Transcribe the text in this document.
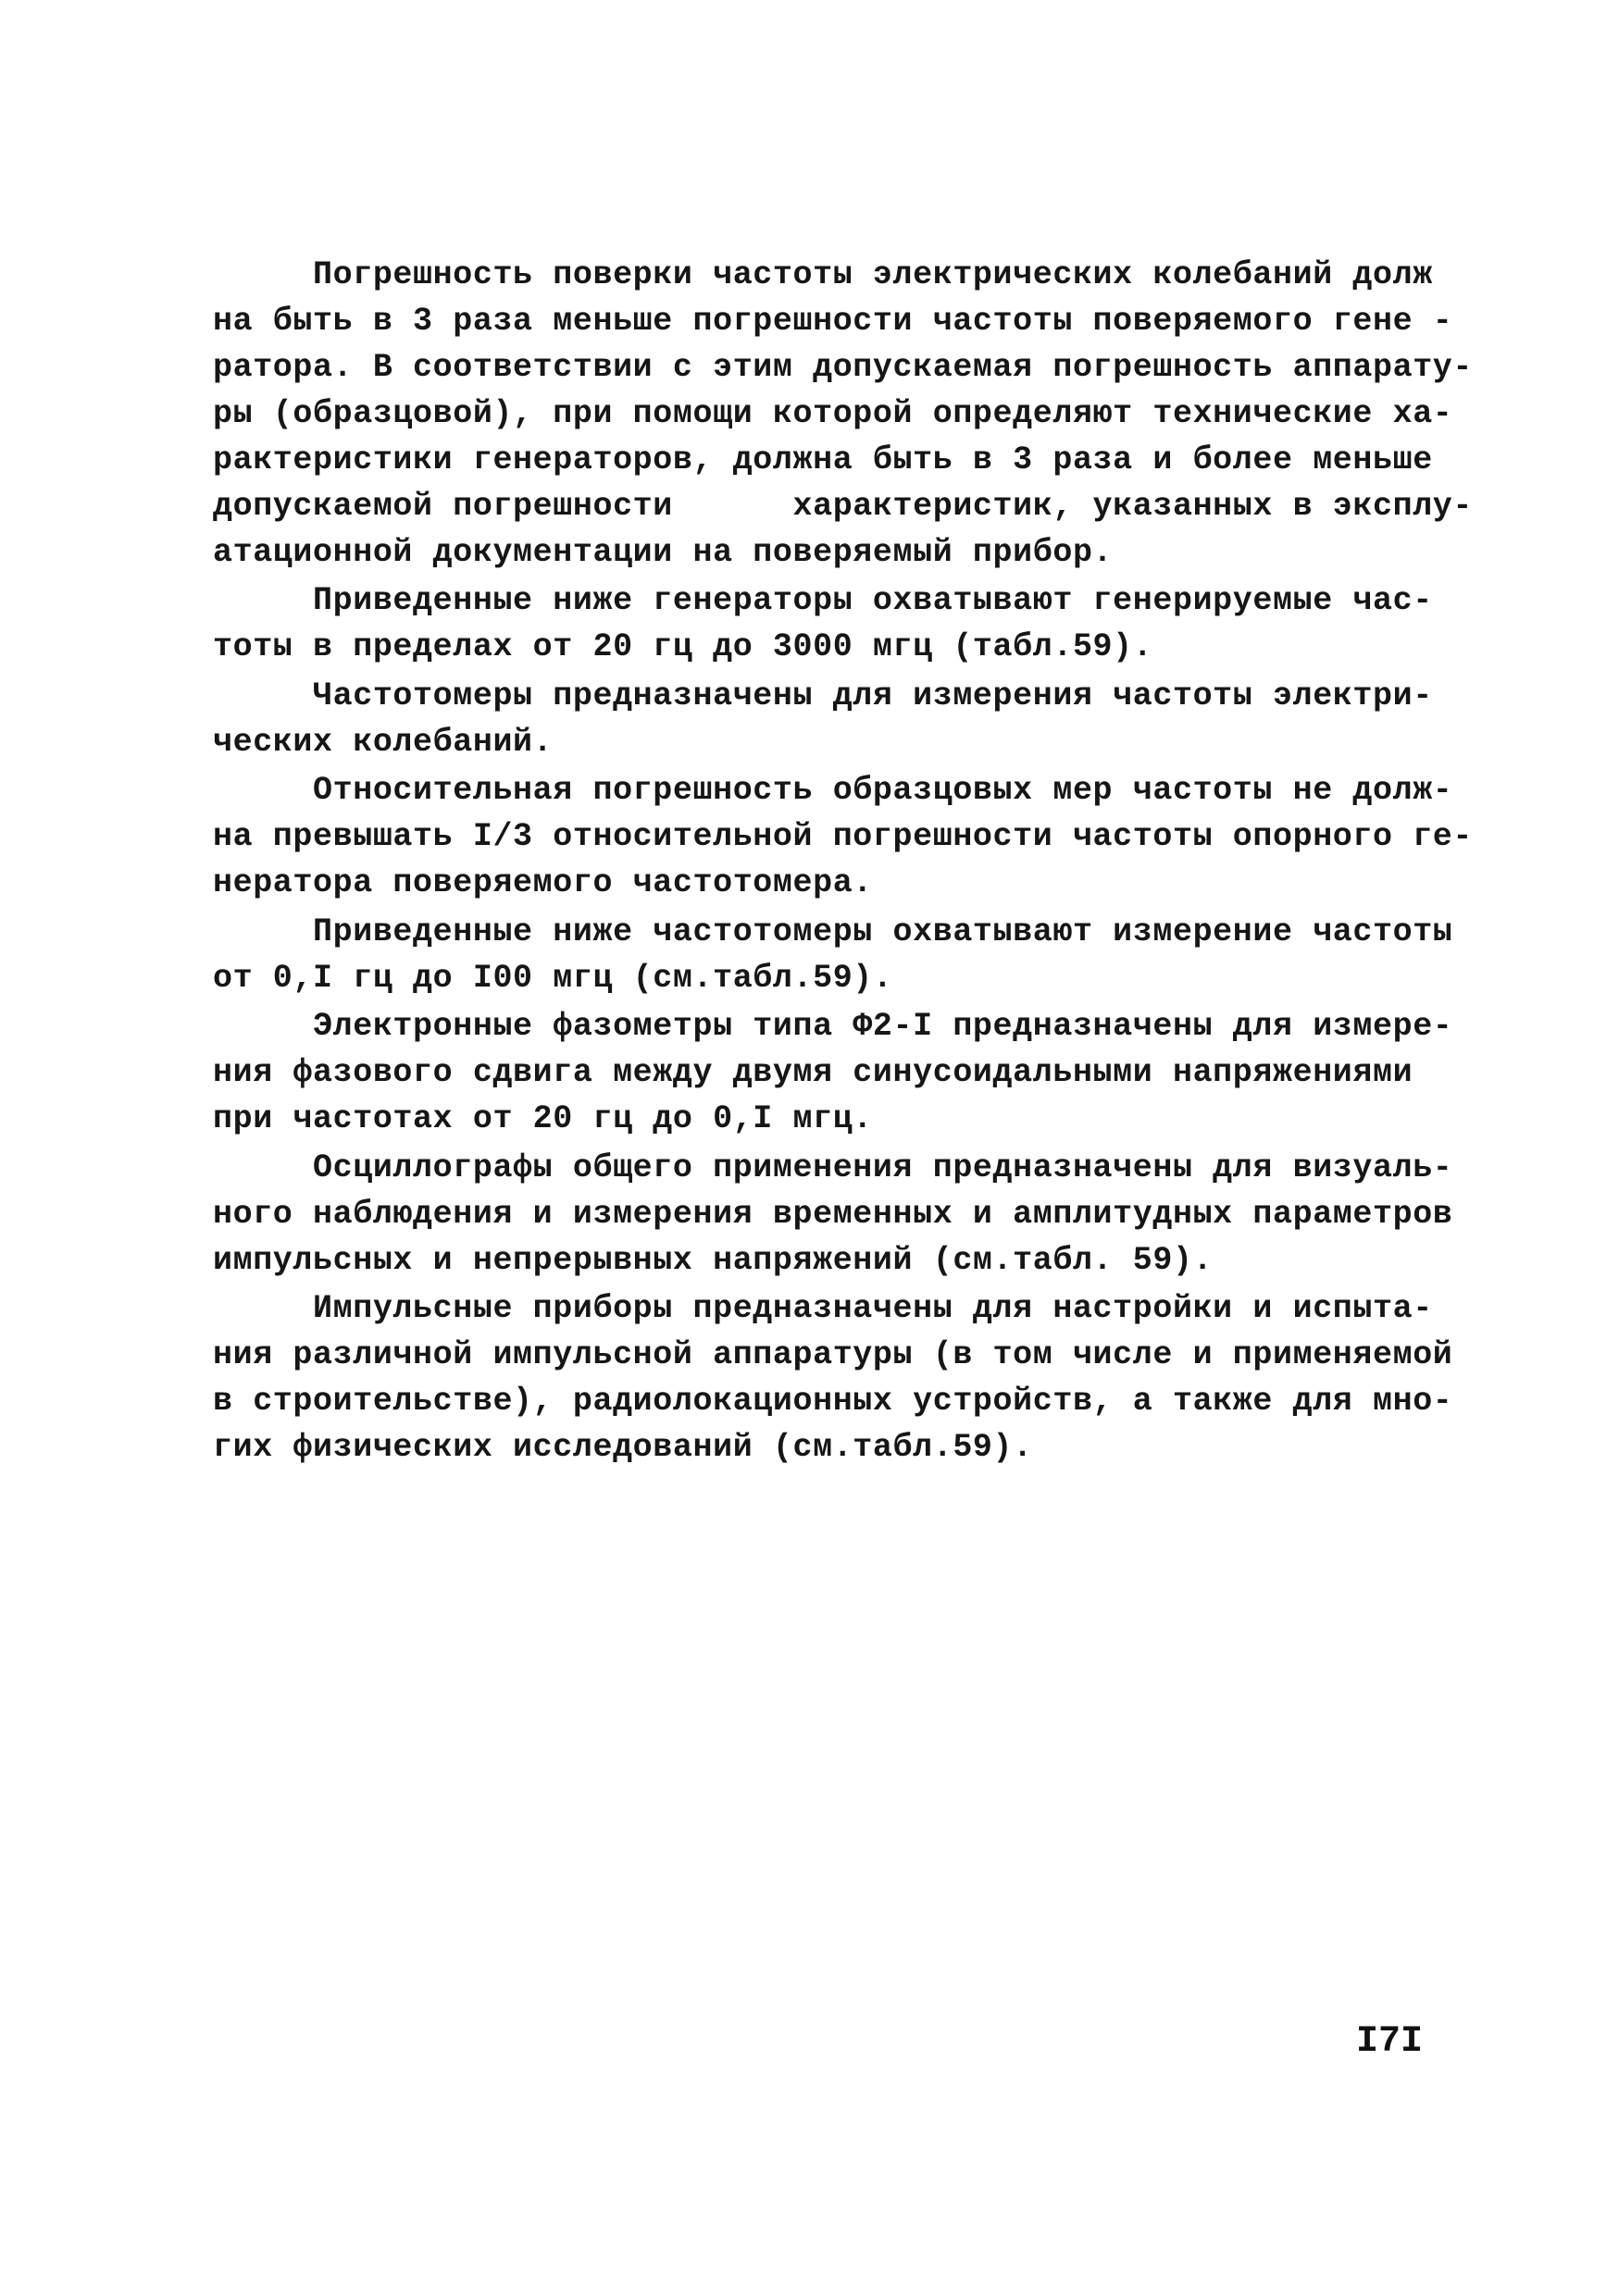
Погрешность поверки частоты электрических колебаний долж
на быть в 3 раза меньше погрешности частоты поверяемого гене -
ратора. В соответствии с этим допускаемая погрешность аппарату-
ры (образцовой), при помощи которой определяют технические ха-
рактеристики генераторов, должна быть в 3 раза и более меньше
допускаемой погрешности      характеристик, указанных в эксплу-
атационной документации на поверяемый прибор.
Приведенные ниже генераторы охватывают генерируемые час-
тоты в пределах от 20 гц до 3000 мгц (табл.59).
Частотомеры предназначены для измерения частоты электри-
ческих колебаний.
Относительная погрешность образцовых мер частоты не долж-
на превышать I/3 относительной погрешности частоты опорного ге-
нератора поверяемого частотомера.
Приведенные ниже частотомеры охватывают измерение частоты
от 0,I гц до I00 мгц (см.табл.59).
Электронные фазометры типа Ф2-I предназначены для измере-
ния фазового сдвига между двумя синусоидальными напряжениями
при частотах от 20 гц до 0,I мгц.
Осциллографы общего применения предназначены для визуаль-
ного наблюдения и измерения временных и амплитудных параметров
импульсных и непрерывных напряжений (см.табл. 59).
Импульсные приборы предназначены для настройки и испыта-
ния различной импульсной аппаратуры (в том числе и применяемой
в строительстве), радиолокационных устройств, а также для мно-
гих физических исследований (см.табл.59).
I7I
